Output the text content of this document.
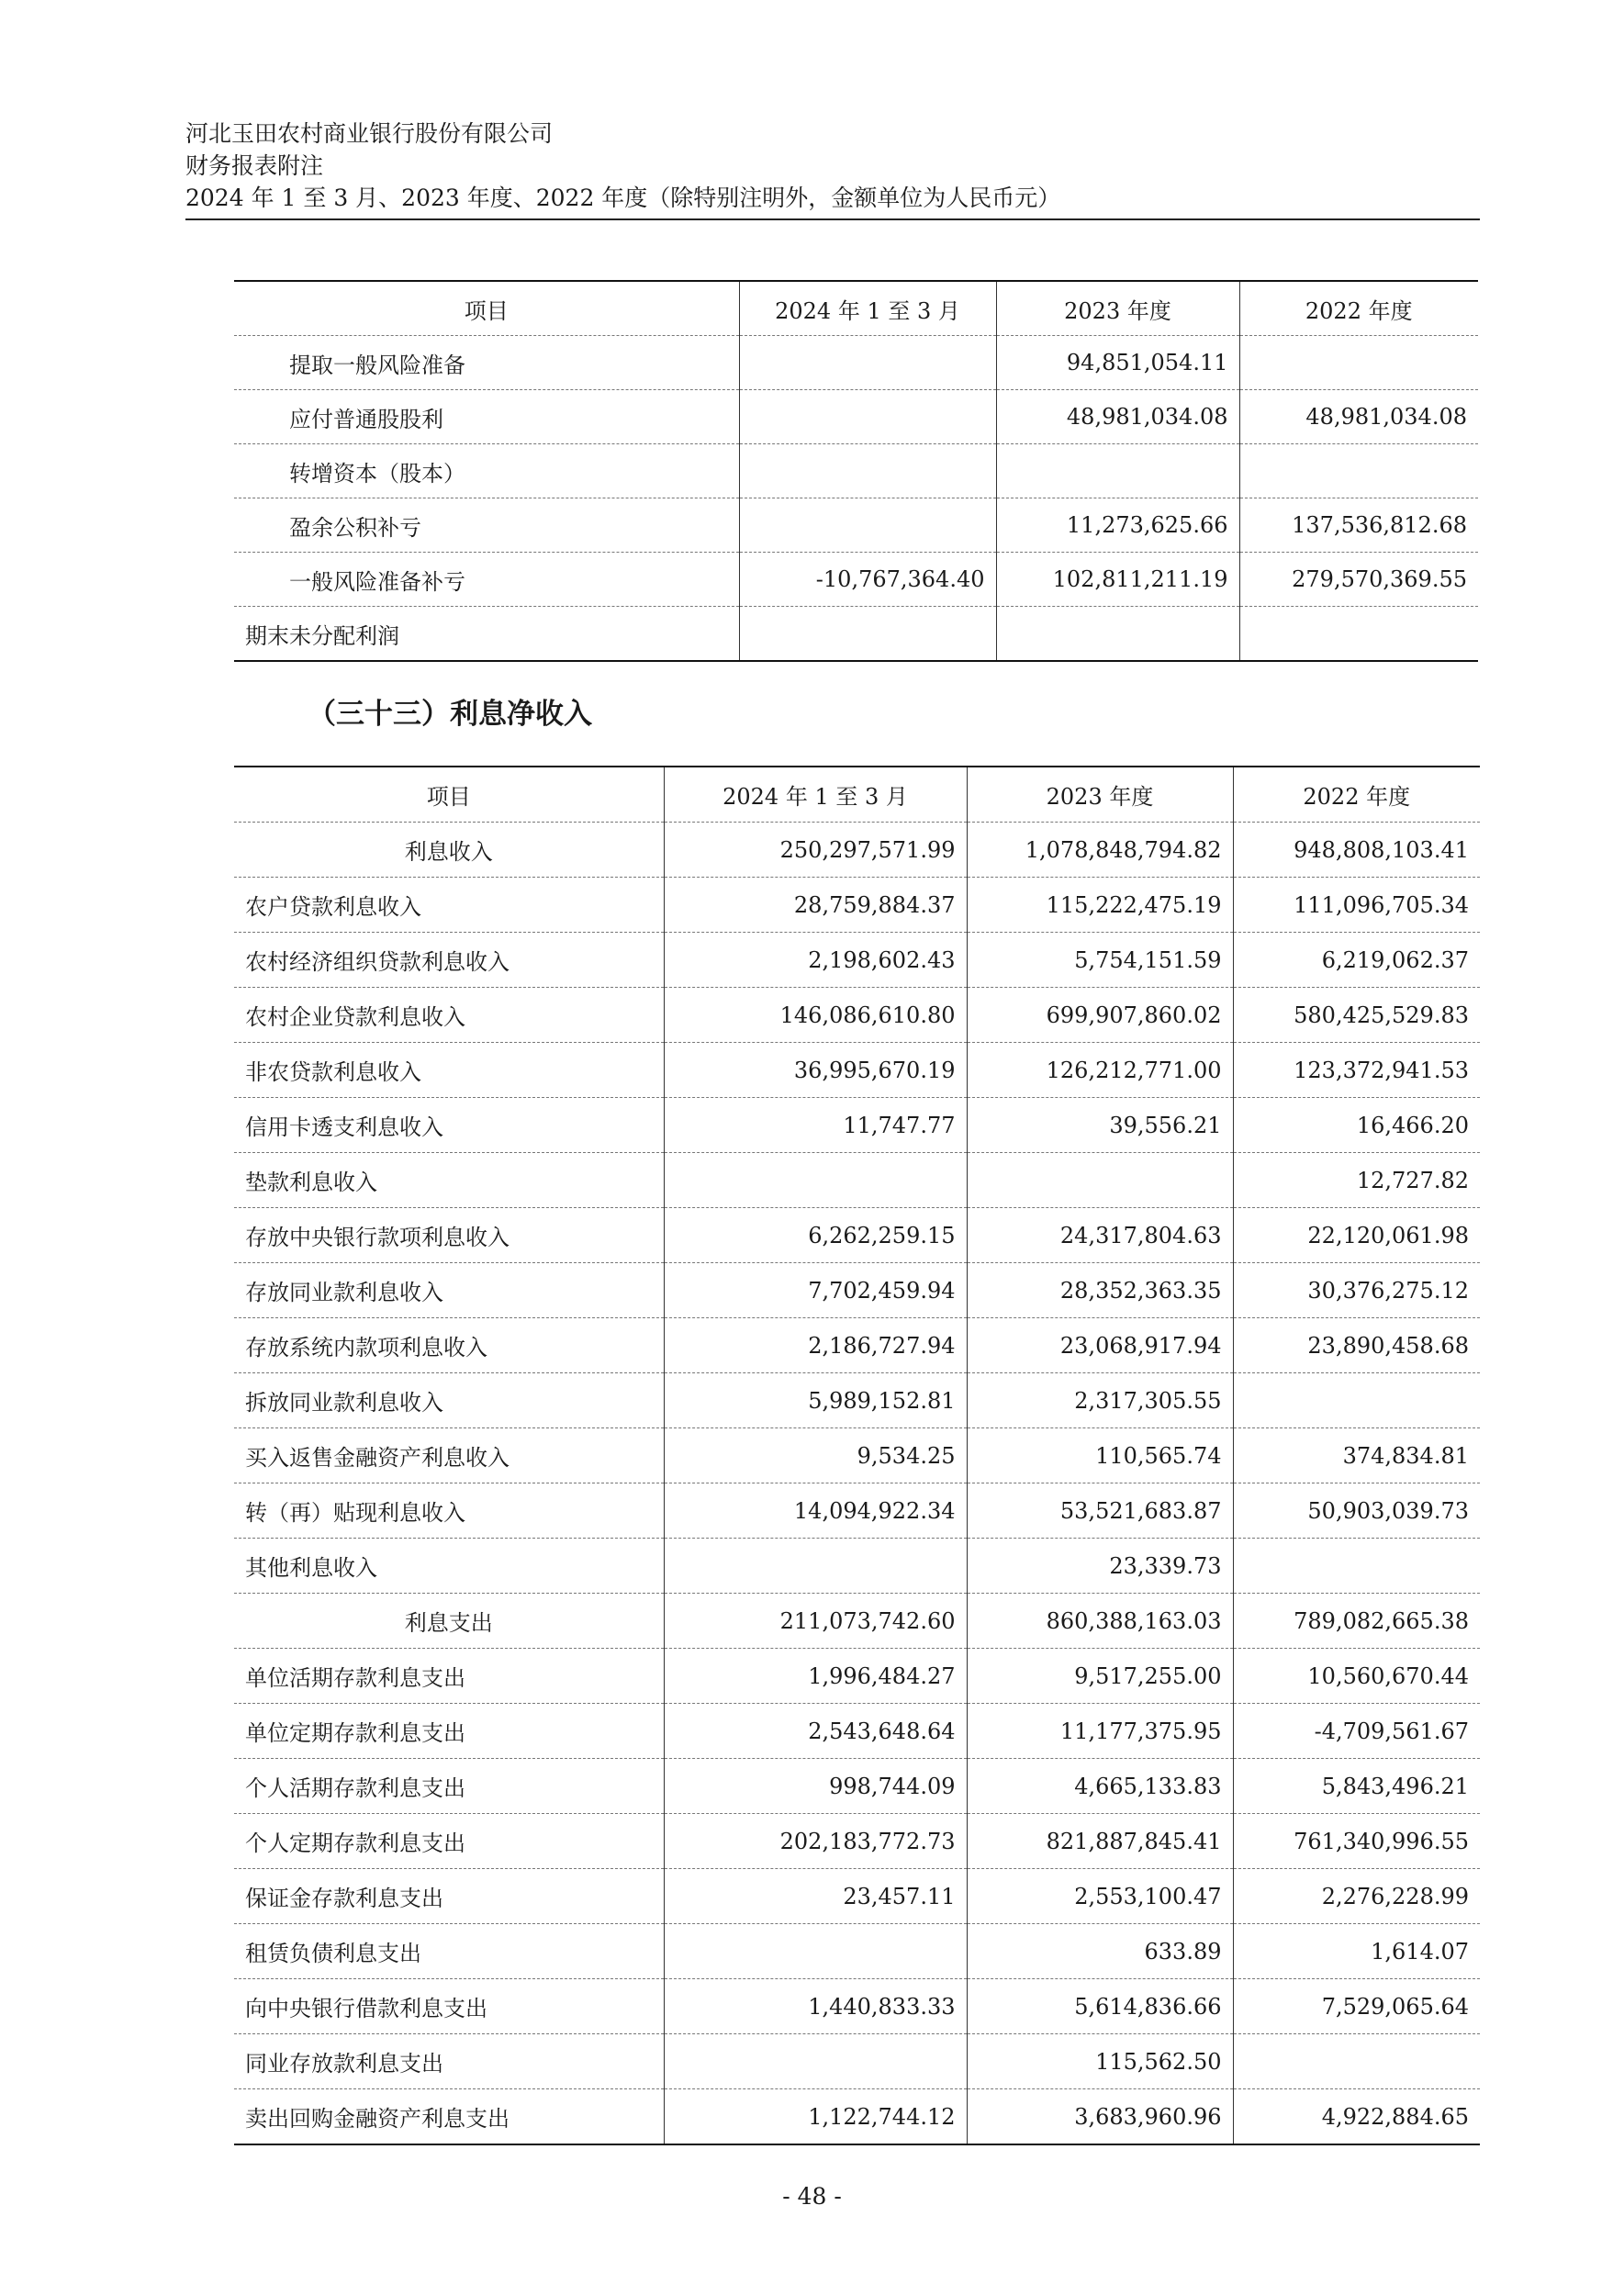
河北玉田农村商业银行股份有限公司
财务报表附注
2024 年 1 至 3 月、2023 年度、2022 年度（除特别注明外，金额单位为人民币元）
项目	2024 年 1 至 3 月	2023 年度	2022 年度
提取一般风险准备		94,851,054.11	
应付普通股股利		48,981,034.08	48,981,034.08
转增资本（股本）			
盈余公积补亏		11,273,625.66	137,536,812.68
一般风险准备补亏	-10,767,364.40	102,811,211.19	279,570,369.55
期末未分配利润			
（三十三）利息净收入
项目	2024 年 1 至 3 月	2023 年度	2022 年度
利息收入	250,297,571.99	1,078,848,794.82	948,808,103.41
农户贷款利息收入	28,759,884.37	115,222,475.19	111,096,705.34
农村经济组织贷款利息收入	2,198,602.43	5,754,151.59	6,219,062.37
农村企业贷款利息收入	146,086,610.80	699,907,860.02	580,425,529.83
非农贷款利息收入	36,995,670.19	126,212,771.00	123,372,941.53
信用卡透支利息收入	11,747.77	39,556.21	16,466.20
垫款利息收入			12,727.82
存放中央银行款项利息收入	6,262,259.15	24,317,804.63	22,120,061.98
存放同业款利息收入	7,702,459.94	28,352,363.35	30,376,275.12
存放系统内款项利息收入	2,186,727.94	23,068,917.94	23,890,458.68
拆放同业款利息收入	5,989,152.81	2,317,305.55	
买入返售金融资产利息收入	9,534.25	110,565.74	374,834.81
转（再）贴现利息收入	14,094,922.34	53,521,683.87	50,903,039.73
其他利息收入		23,339.73	
利息支出	211,073,742.60	860,388,163.03	789,082,665.38
单位活期存款利息支出	1,996,484.27	9,517,255.00	10,560,670.44
单位定期存款利息支出	2,543,648.64	11,177,375.95	-4,709,561.67
个人活期存款利息支出	998,744.09	4,665,133.83	5,843,496.21
个人定期存款利息支出	202,183,772.73	821,887,845.41	761,340,996.55
保证金存款利息支出	23,457.11	2,553,100.47	2,276,228.99
租赁负债利息支出		633.89	1,614.07
向中央银行借款利息支出	1,440,833.33	5,614,836.66	7,529,065.64
同业存放款利息支出		115,562.50	
卖出回购金融资产利息支出	1,122,744.12	3,683,960.96	4,922,884.65
- 48 -
